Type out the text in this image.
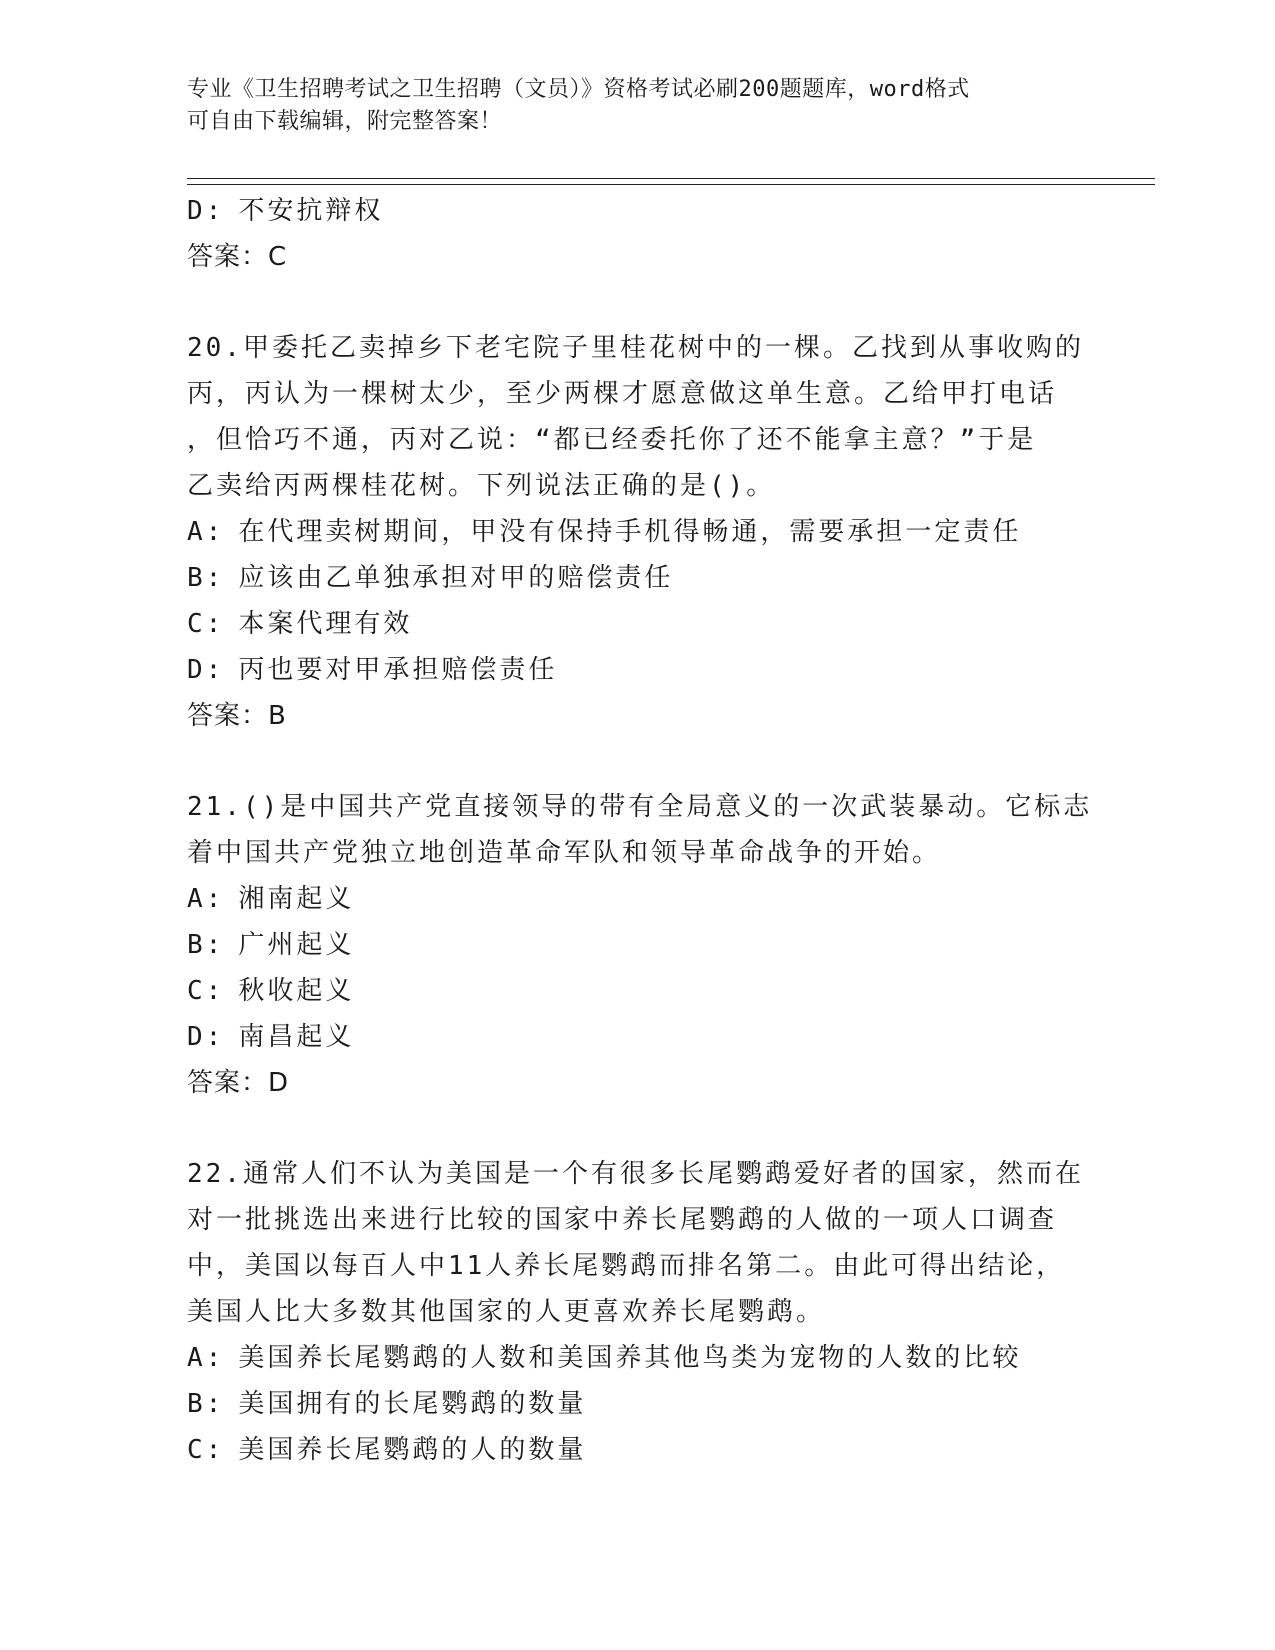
专业《卫生招聘考试之卫生招聘（文员）》资格考试必刷200题题库，word格式
可自由下载编辑，附完整答案！
D: 不安抗辩权
答案：C
20.甲委托乙卖掉乡下老宅院子里桂花树中的一棵。乙找到从事收购的
丙，丙认为一棵树太少，至少两棵才愿意做这单生意。乙给甲打电话
，但恰巧不通，丙对乙说：“都已经委托你了还不能拿主意？”于是
乙卖给丙两棵桂花树。下列说法正确的是()。
A: 在代理卖树期间，甲没有保持手机得畅通，需要承担一定责任
B: 应该由乙单独承担对甲的赔偿责任
C: 本案代理有效
D: 丙也要对甲承担赔偿责任
答案：B
21.()是中国共产党直接领导的带有全局意义的一次武装暴动。它标志
着中国共产党独立地创造革命军队和领导革命战争的开始。
A: 湘南起义
B: 广州起义
C: 秋收起义
D: 南昌起义
答案：D
22.通常人们不认为美国是一个有很多长尾鹦鹉爱好者的国家，然而在
对一批挑选出来进行比较的国家中养长尾鹦鹉的人做的一项人口调查
中，美国以每百人中11人养长尾鹦鹉而排名第二。由此可得出结论，
美国人比大多数其他国家的人更喜欢养长尾鹦鹉。
A: 美国养长尾鹦鹉的人数和美国养其他鸟类为宠物的人数的比较
B: 美国拥有的长尾鹦鹉的数量
C: 美国养长尾鹦鹉的人的数量
